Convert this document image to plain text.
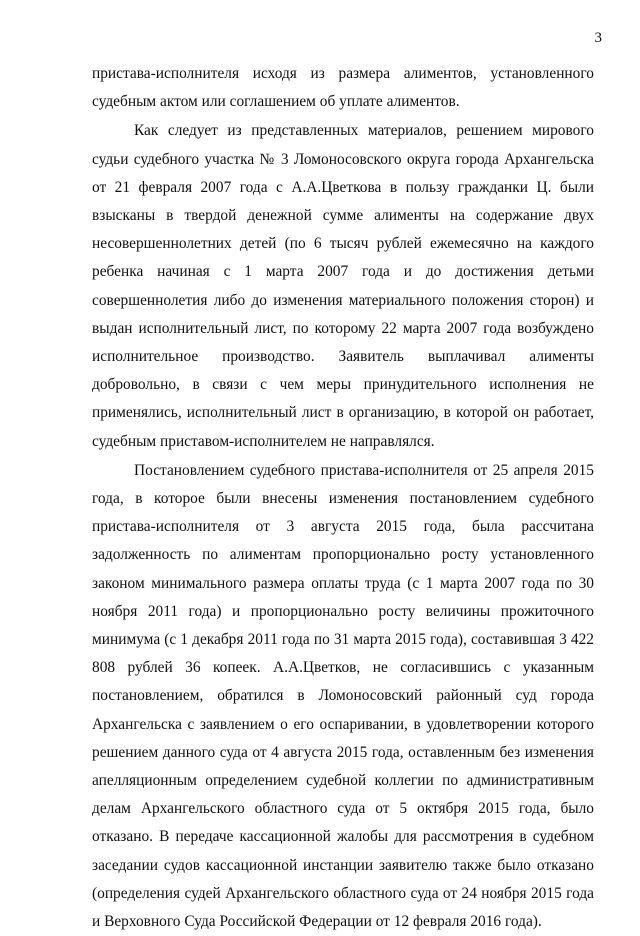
3

пристава-исполнителя исходя из размера алиментов, установленного судебным актом или соглашением об уплате алиментов.

Как следует из представленных материалов, решением мирового судьи судебного участка № 3 Ломоносовского округа города Архангельска от 21 февраля 2007 года с А.А.Цветкова в пользу гражданки Ц. были взысканы в твердой денежной сумме алименты на содержание двух несовершеннолетних детей (по 6 тысяч рублей ежемесячно на каждого ребенка начиная с 1 марта 2007 года и до достижения детьми совершеннолетия либо до изменения материального положения сторон) и выдан исполнительный лист, по которому 22 марта 2007 года возбуждено исполнительное производство. Заявитель выплачивал алименты добровольно, в связи с чем меры принудительного исполнения не применялись, исполнительный лист в организацию, в которой он работает, судебным приставом-исполнителем не направлялся.

Постановлением судебного пристава-исполнителя от 25 апреля 2015 года, в которое были внесены изменения постановлением судебного пристава-исполнителя от 3 августа 2015 года, была рассчитана задолженность по алиментам пропорционально росту установленного законом минимального размера оплаты труда (с 1 марта 2007 года по 30 ноября 2011 года) и пропорционально росту величины прожиточного минимума (с 1 декабря 2011 года по 31 марта 2015 года), составившая 3 422 808 рублей 36 копеек. А.А.Цветков, не согласившись с указанным постановлением, обратился в Ломоносовский районный суд города Архангельска с заявлением о его оспаривании, в удовлетворении которого решением данного суда от 4 августа 2015 года, оставленным без изменения апелляционным определением судебной коллегии по административным делам Архангельского областного суда от 5 октября 2015 года, было отказано. В передаче кассационной жалобы для рассмотрения в судебном заседании судов кассационной инстанции заявителю также было отказано (определения судей Архангельского областного суда от 24 ноября 2015 года и Верховного Суда Российской Федерации от 12 февраля 2016 года).
